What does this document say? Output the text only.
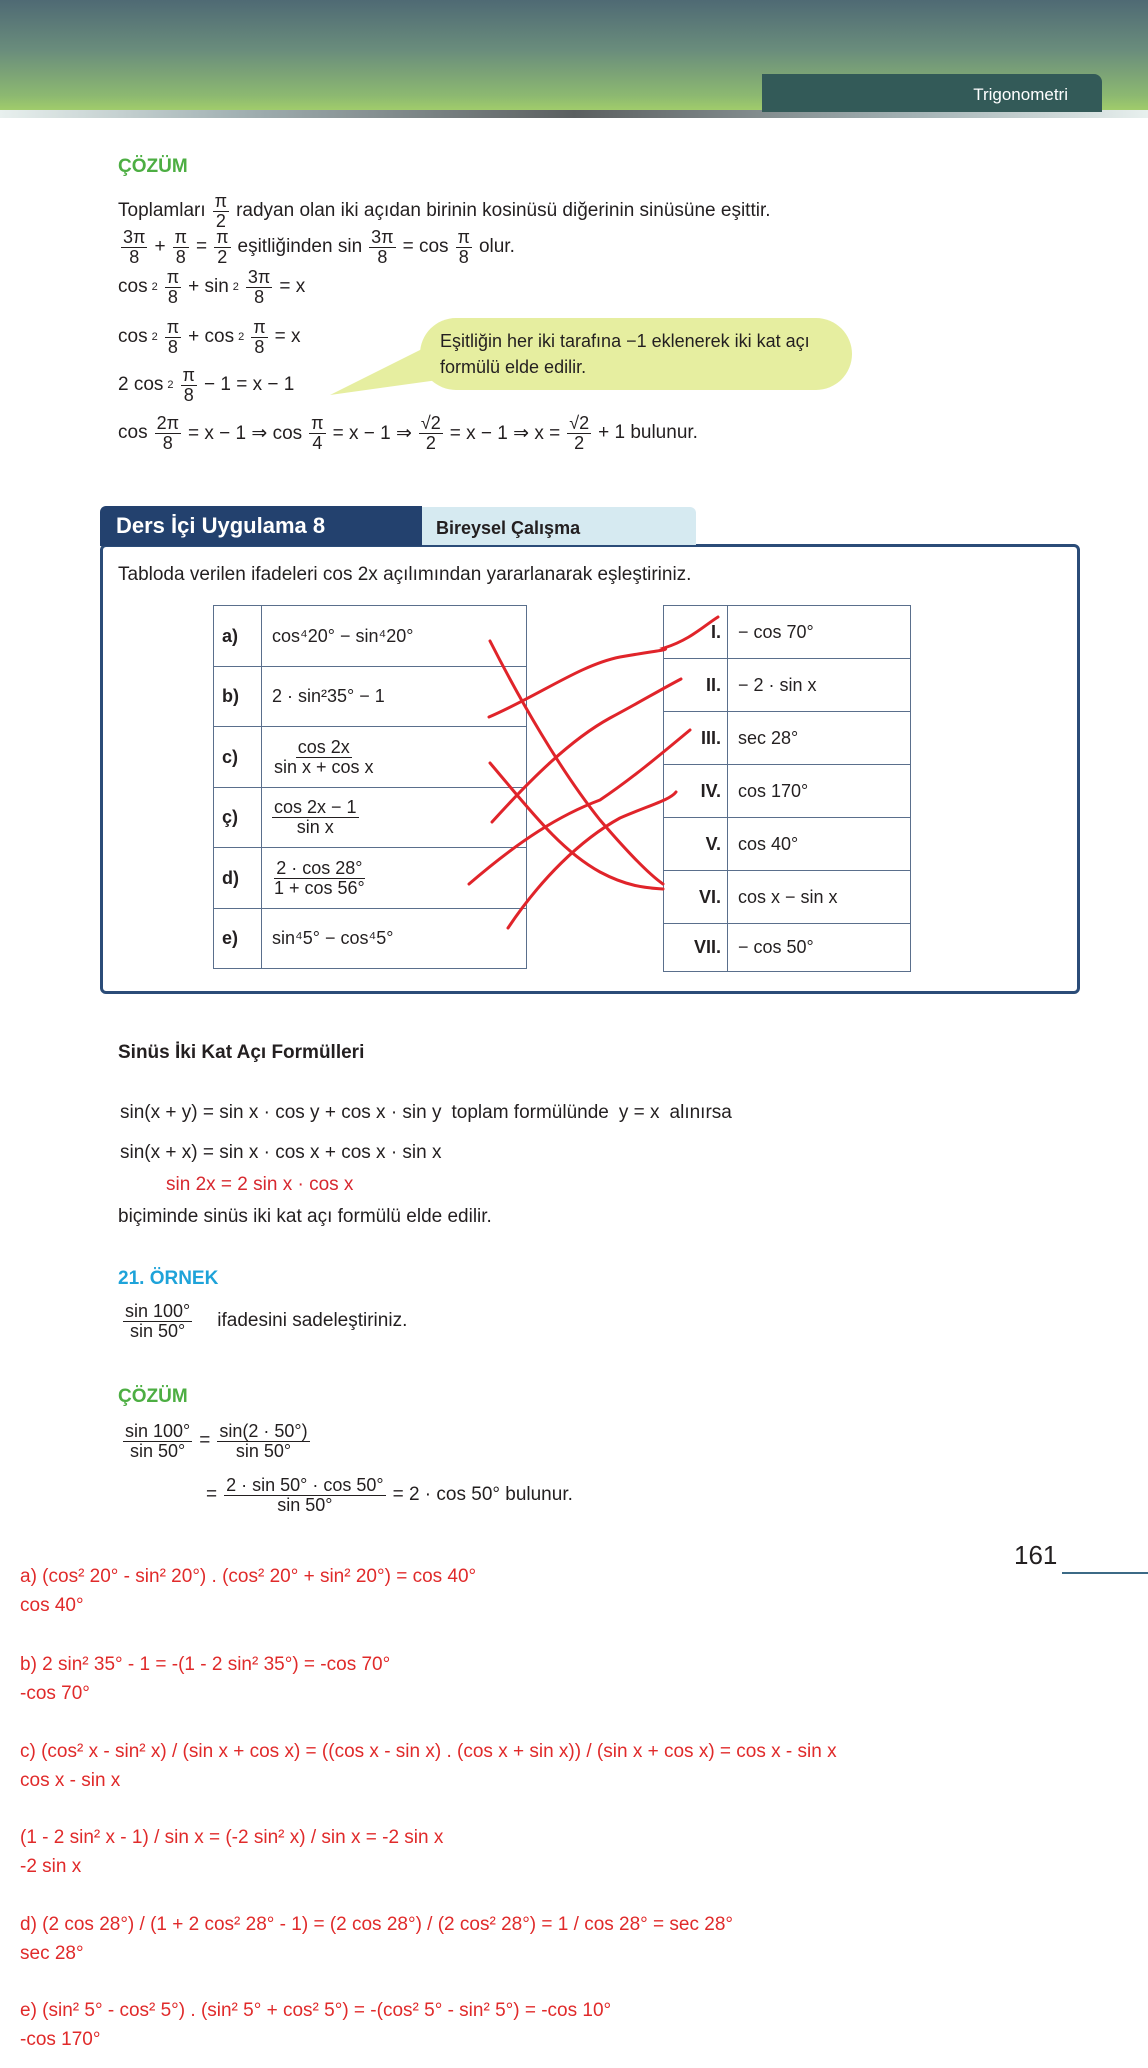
Trigonometri
ÇÖZÜM
Toplamları $\frac{\pi}{2}$ radyan olan iki açıdan birinin kosinüsü diğerinin sinüsüne eşittir.
$\frac{3\pi}{8} + \frac{\pi}{8} = \frac{\pi}{2}$ eşitliğinden $\sin \frac{3\pi}{8} = \cos \frac{\pi}{8}$ olur.
$\cos 2 \frac{\pi}{8} + \sin 2 \frac{3\pi}{8} = x$
$\cos 2 \frac{\pi}{8} + \cos 2 \frac{\pi}{8} = x$
2 $\cos 2 \frac{\pi}{8} - 1 = x - 1$
$\cos \frac{2\pi}{8} = x - 1$ ⇒ $\cos \frac{\pi}{4} = x - 1$ ⇒ $\frac{√2}{2} = x - 1$ ⇒ $x = \frac{√2}{2} + 1$ bulunur.
Eşitliğin her iki tarafına −1 eklenerek iki kat açı formülü elde edilir.
Ders İçi Uygulama 8	Bireysel Çalışma
Tabloda verilen ifadeleri cos 2x açılımından yararlanarak eşleştiriniz.
a)	cos⁴20° − sin⁴20°
b)	2 · sin²35° − 1
c)	$\frac{\cos 2x}{\text{sin x + cos x}}$

ç)	$\frac{\cos 2x - 1}{\text{sin x}}$

d)	$\frac{2 \cdot \cos 28^\circ}{1 + \cos 56^\circ}$

e)	sin⁴5° − cos⁴5°
I.	− cos 70°
II.	− 2 · sin x
III.	sec 28°
IV.	cos 170°
V.	cos 40°
VI.	cos x − sin x
VII.	− cos 50°
Sinüs İki Kat Açı Formülleri
sin(x + y) = sin x · cos y + cos x · sin y toplam formülünde y = x alınırsa
sin(x + x) = sin x · cos x + cos x · sin x
sin 2x = 2 sin x · cos x
biçiminde sinüs iki kat açı formülü elde edilir.
21. ÖRNEK
$\frac{\sin 100^\circ}{\sin 50^\circ}$ ifadesini sadeleştiriniz.
ÇÖZÜM
$\frac{\sin 100^\circ}{\sin 50^\circ} = \frac{\sin(2 \cdot 50^\circ)}{\sin 50^\circ}$
= $\frac{2 \cdot \sin 50^\circ \cdot \cos 50^\circ}{\sin 50^\circ} = 2 \cdot \cos 50^\circ$ bulunur.
161
a) (cos² 20° - sin² 20°) . (cos² 20° + sin² 20°) = cos 40°
cos 40°
b) 2 sin² 35° - 1 = -(1 - 2 sin² 35°) = -cos 70°
-cos 70°
c) (cos² x - sin² x) / (sin x + cos x) = ((cos x - sin x) . (cos x + sin x)) / (sin x + cos x) = cos x - sin x
cos x - sin x
(1 - 2 sin² x - 1) / sin x = (-2 sin² x) / sin x = -2 sin x
-2 sin x
d) (2 cos 28°) / (1 + 2 cos² 28° - 1) = (2 cos 28°) / (2 cos² 28°) = 1 / cos 28° = sec 28°
sec 28°
e) (sin² 5° - cos² 5°) . (sin² 5° + cos² 5°) = -(cos² 5° - sin² 5°) = -cos 10°
-cos 170°
